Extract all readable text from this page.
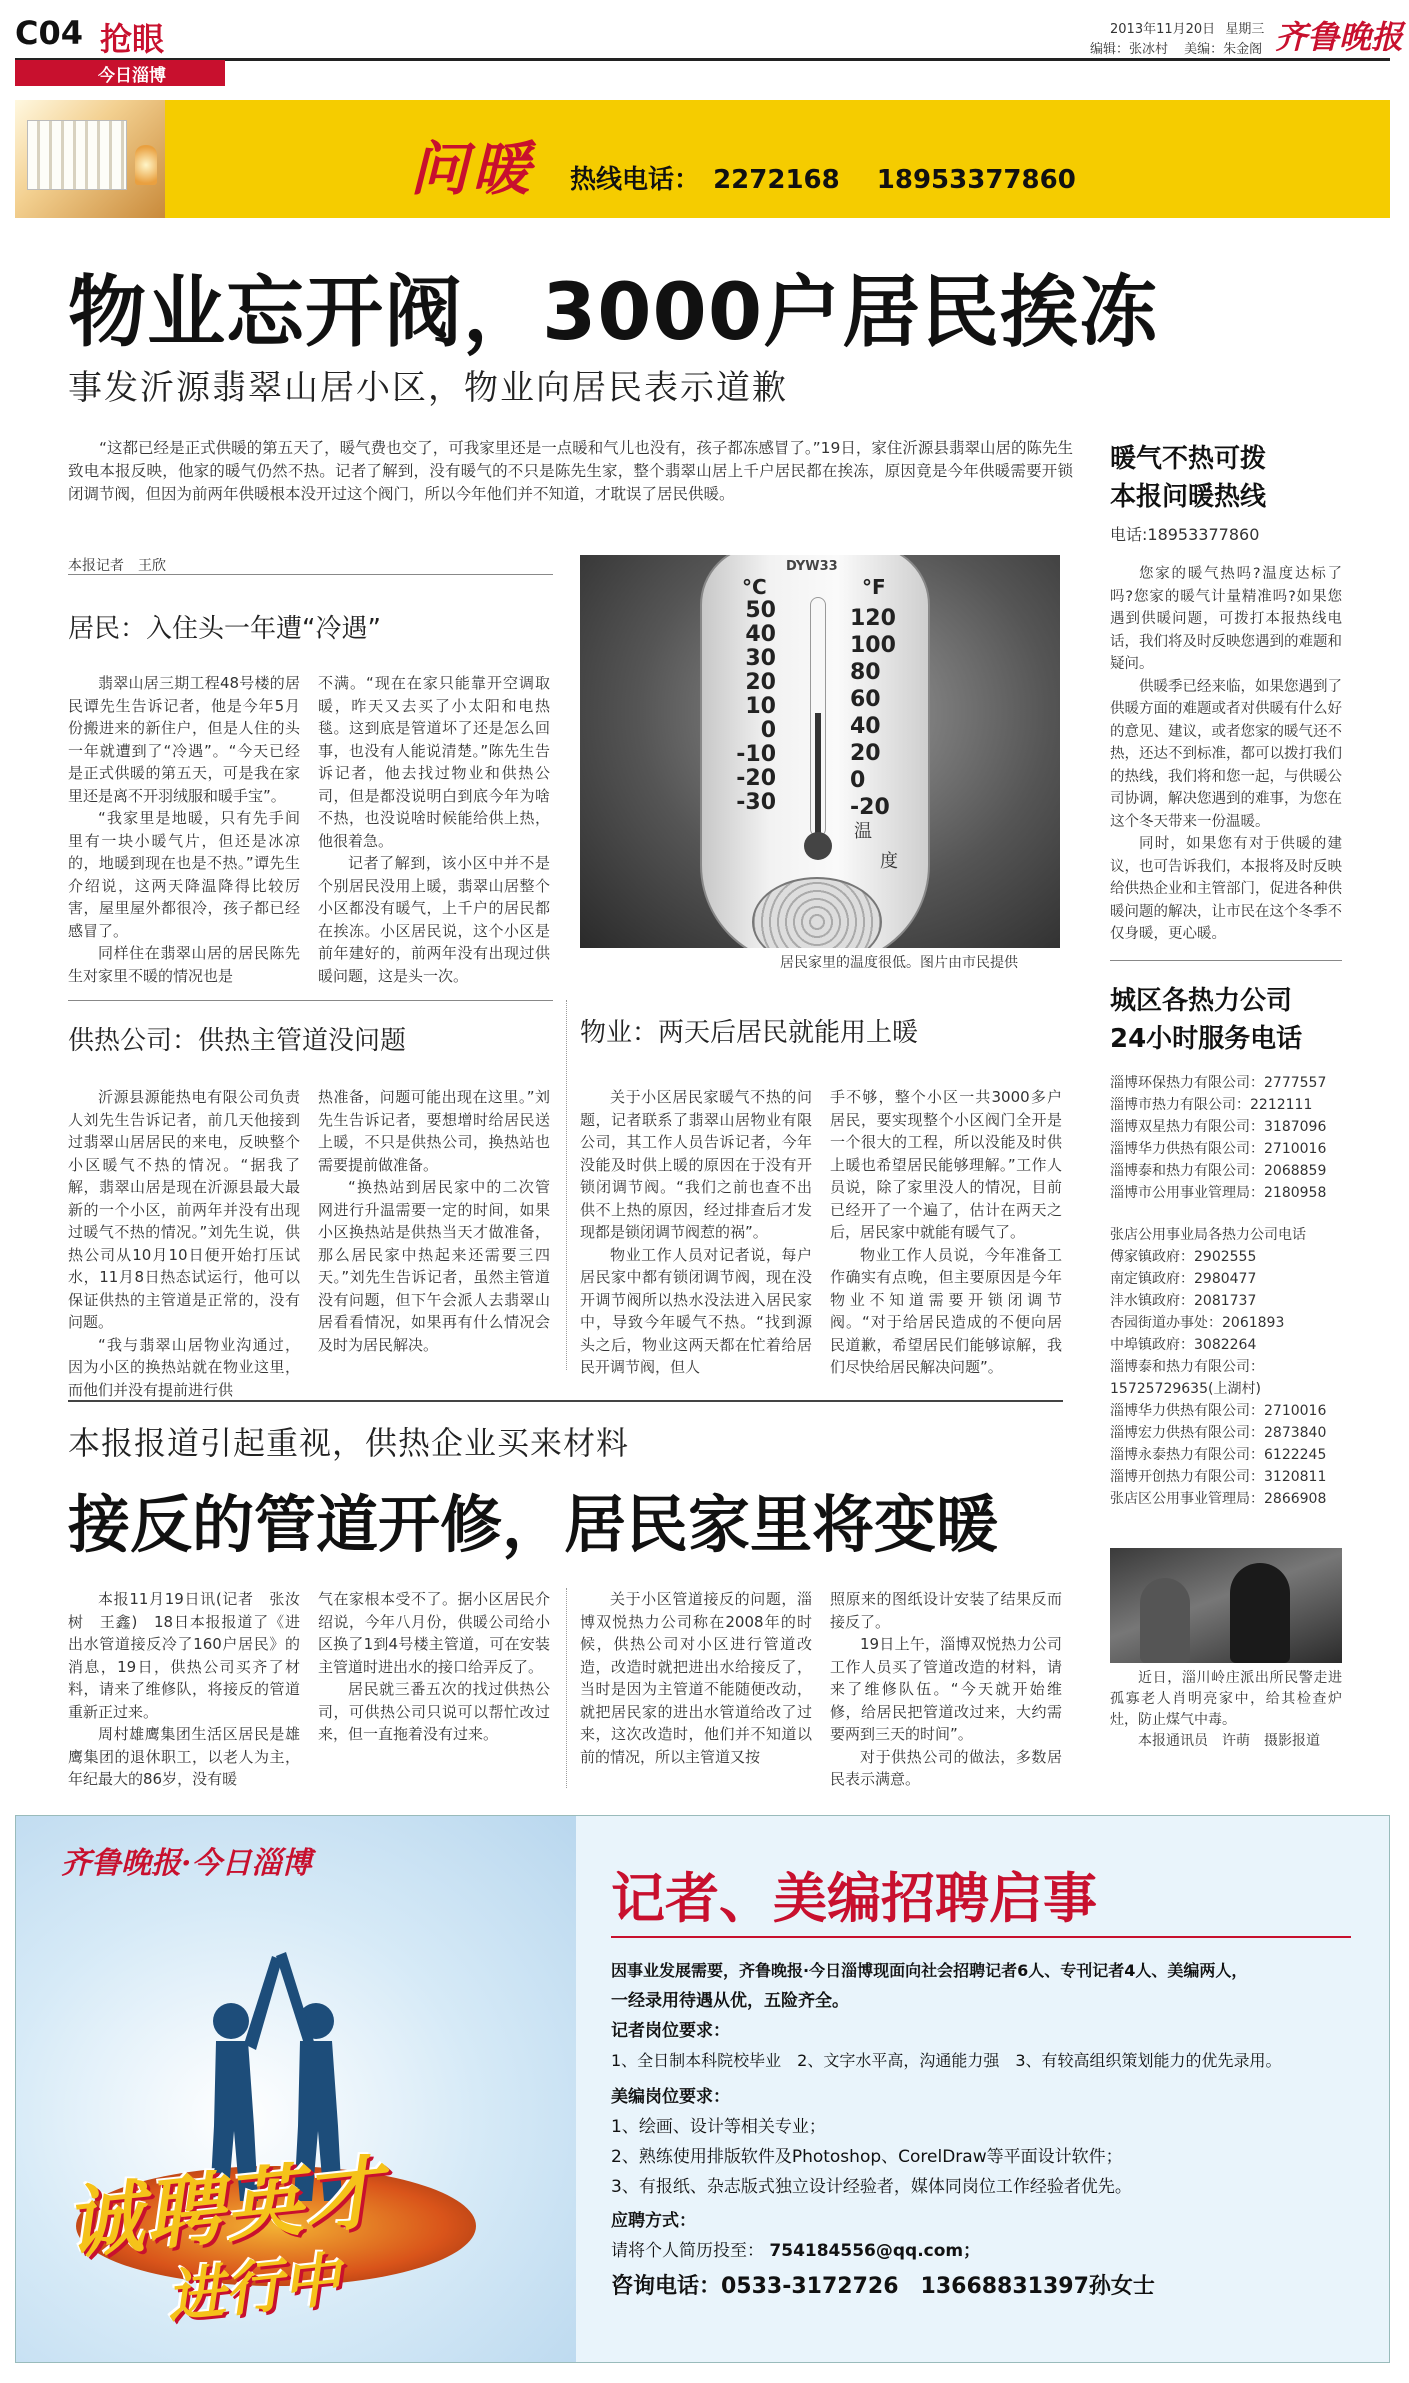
C04 抢眼
今日淄博
2013年11月20日 星期三
编辑：张冰村 美编：朱金阁 齐鲁晚报
问暖 热线电话： 2272168 18953377860
物业忘开阀，3000户居民挨冻
事发沂源翡翠山居小区，物业向居民表示道歉

“这都已经是正式供暖的第五天了，暖气费也交了，可我家里还是一点暖和气儿也没有，孩子都冻感冒了。”19日，家住沂源县翡翠山居的陈先生致电本报反映，他家的暖气仍然不热。记者了解到，没有暖气的不只是陈先生家，整个翡翠山居上千户居民都在挨冻，原因竟是今年供暖需要开锁闭调节阀，但因为前两年供暖根本没开过这个阀门，所以今年他们并不知道，才耽误了居民供暖。

本报记者　王欣
居民：入住头一年遭“冷遇”

翡翠山居三期工程48号楼的居民谭先生告诉记者，他是今年5月份搬进来的新住户，但是人住的头一年就遭到了“冷遇”。“今天已经是正式供暖的第五天，可是我在家里还是离不开羽绒服和暖手宝”。

“我家里是地暖，只有先手间里有一块小暖气片，但还是冰凉的，地暖到现在也是不热。”谭先生介绍说，这两天降温降得比较厉害，屋里屋外都很冷，孩子都已经感冒了。

同样住在翡翠山居的居民陈先生对家里不暖的情况也是

不满。“现在在家只能靠开空调取暖，昨天又去买了小太阳和电热毯。这到底是管道坏了还是怎么回事，也没有人能说清楚。”陈先生告诉记者，他去找过物业和供热公司，但是都没说明白到底今年为啥不热，也没说啥时候能给供上热，他很着急。

记者了解到，该小区中并不是个别居民没用上暖，翡翠山居整个小区都没有暖气，上千户的居民都在挨冻。小区居民说，这个小区是前年建好的，前两年没有出现过供暖问题，这是头一次。

DYW33
°C	°F
50
40
30
20
10
0
-10
-20
-30
120
100
80
60
40
20
0
-20
温
度
居民家里的温度很低。图片由市民提供
供热公司：供热主管道没问题

沂源县源能热电有限公司负责人刘先生告诉记者，前几天他接到过翡翠山居居民的来电，反映整个小区暖气不热的情况。“据我了解，翡翠山居是现在沂源县最大最新的一个小区，前两年并没有出现过暖气不热的情况。”刘先生说，供热公司从10月10日便开始打压试水，11月8日热态试运行，他可以保证供热的主管道是正常的，没有问题。

“我与翡翠山居物业沟通过，因为小区的换热站就在物业这里，而他们并没有提前进行供

热准备，问题可能出现在这里。”刘先生告诉记者，要想增时给居民送上暖，不只是供热公司，换热站也需要提前做准备。

“换热站到居民家中的二次管网进行升温需要一定的时间，如果小区换热站是供热当天才做准备，那么居民家中热起来还需要三四天。”刘先生告诉记者，虽然主管道没有问题，但下午会派人去翡翠山居看看情况，如果再有什么情况会及时为居民解决。

物业：两天后居民就能用上暖

关于小区居民家暖气不热的问题，记者联系了翡翠山居物业有限公司，其工作人员告诉记者，今年没能及时供上暖的原因在于没有开锁闭调节阀。“我们之前也查不出供不上热的原因，经过排查后才发现都是锁闭调节阀惹的祸”。

物业工作人员对记者说，每户居民家中都有锁闭调节阀，现在没开调节阀所以热水没法进入居民家中，导致今年暖气不热。“找到源头之后，物业这两天都在忙着给居民开调节阀，但人

手不够，整个小区一共3000多户居民，要实现整个小区阀门全开是一个很大的工程，所以没能及时供上暖也希望居民能够理解。”工作人员说，除了家里没人的情况，目前已经开了一个遍了，估计在两天之后，居民家中就能有暖气了。

物业工作人员说，今年准备工作确实有点晚，但主要原因是今年物业不知道需要开锁闭调节阀。“对于给居民造成的不便向居民道歉，希望居民们能够谅解，我们尽快给居民解决问题”。

本报报道引起重视，供热企业买来材料
接反的管道开修，居民家里将变暖

本报11月19日讯(记者　张汝树　王鑫)　18日本报报道了《进出水管道接反冷了160户居民》的消息，19日，供热公司买齐了材料，请来了维修队，将接反的管道重新正过来。

周村雄鹰集团生活区居民是雄鹰集团的退休职工，以老人为主，年纪最大的86岁，没有暖

气在家根本受不了。据小区居民介绍说，今年八月份，供暖公司给小区换了1到4号楼主管道，可在安装主管道时进出水的接口给弄反了。

居民就三番五次的找过供热公司，可供热公司只说可以帮忙改过来，但一直拖着没有过来。

关于小区管道接反的问题，淄博双悦热力公司称在2008年的时候，供热公司对小区进行管道改造，改造时就把进出水给接反了，当时是因为主管道不能随便改动，就把居民家的进出水管道给改了过来，这次改造时，他们并不知道以前的情况，所以主管道又按

照原来的图纸设计安装了结果反而接反了。

19日上午，淄博双悦热力公司工作人员买了管道改造的材料，请来了维修队伍。“今天就开始维修，给居民把管道改过来，大约需要两到三天的时间”。

对于供热公司的做法，多数居民表示满意。

暖气不热可拨
本报问暖热线
电话:18953377860

您家的暖气热吗?温度达标了吗?您家的暖气计量精准吗?如果您遇到供暖问题，可拨打本报热线电话，我们将及时反映您遇到的难题和疑问。

供暖季已经来临，如果您遇到了供暖方面的难题或者对供暖有什么好的意见、建议，或者您家的暖气还不热，还达不到标准，都可以拨打我们的热线，我们将和您一起，与供暖公司协调，解决您遇到的难事，为您在这个冬天带来一份温暖。

同时，如果您有对于供暖的建议，也可告诉我们，本报将及时反映给供热企业和主管部门，促进各种供暖问题的解决，让市民在这个冬季不仅身暖，更心暖。

城区各热力公司
24小时服务电话
淄博环保热力有限公司：2777557
淄博市热力有限公司：2212111
淄博双星热力有限公司：3187096
淄博华力供热有限公司：2710016
淄博泰和热力有限公司：2068859
淄博市公用事业管理局：2180958
张店公用事业局各热力公司电话
傅家镇政府：2902555
南定镇政府：2980477
沣水镇政府：2081737
杏园街道办事处：2061893
中埠镇政府：3082264
淄博泰和热力有限公司：15725729635(上湖村)
淄博华力供热有限公司：2710016
淄博宏力供热有限公司：2873840
淄博永泰热力有限公司：6122245
淄博开创热力有限公司：3120811
张店区公用事业管理局：2866908

近日，淄川岭庄派出所民警走进孤寡老人肖明亮家中，给其检查炉灶，防止煤气中毒。

本报通讯员　许萌　摄影报道
齐鲁晚报·今日淄博
记者、美编招聘启事
诚聘英才
进行中
因事业发展需要，齐鲁晚报·今日淄博现面向社会招聘记者6人、专刊记者4人、美编两人，
一经录用待遇从优，五险齐全。
记者岗位要求：
1、全日制本科院校毕业　2、文字水平高，沟通能力强　3、有较高组织策划能力的优先录用。
美编岗位要求：
1、绘画、设计等相关专业；
2、熟练使用排版软件及Photoshop、CorelDraw等平面设计软件；
3、有报纸、杂志版式独立设计经验者，媒体同岗位工作经验者优先。
应聘方式：
请将个人简历投至： 754184556@qq.com；
咨询电话：0533-3172726　13668831397孙女士
